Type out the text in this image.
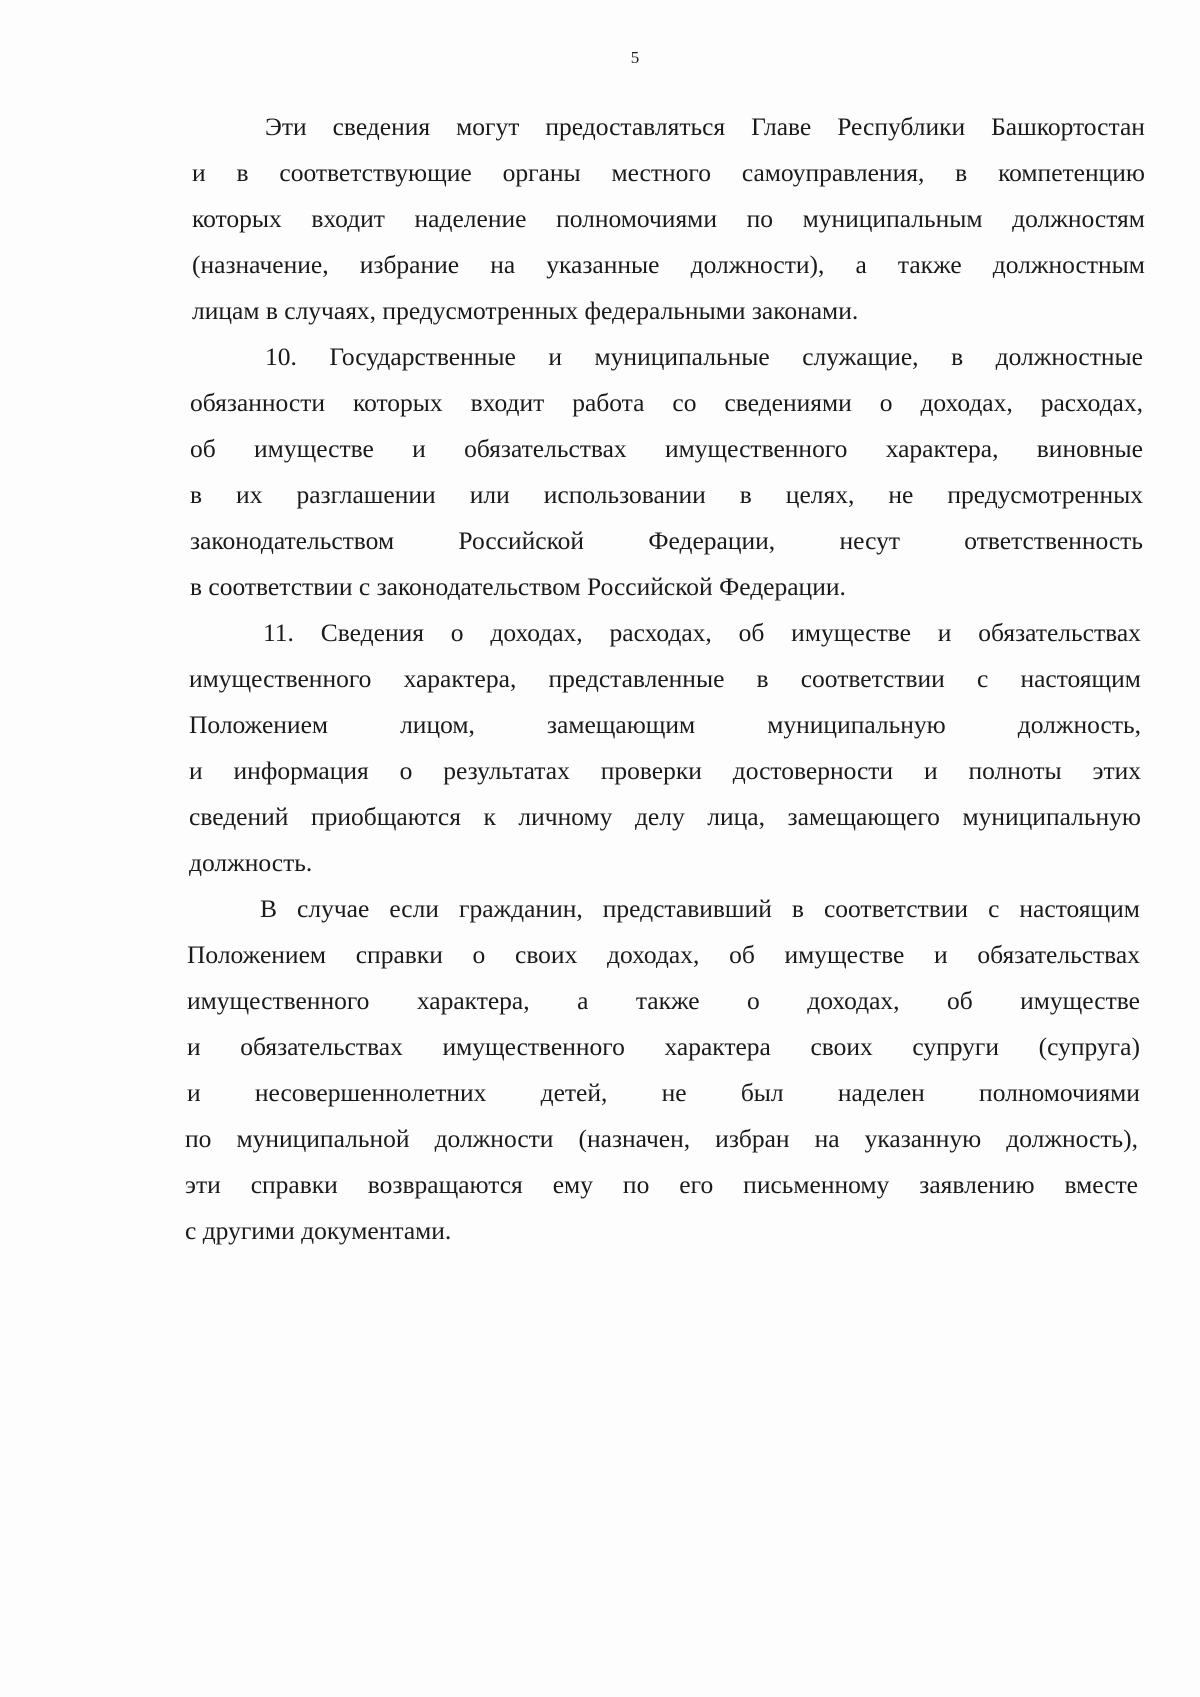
5
Эти сведения могут предоставляться Главе Республики Башкортостан
и в соответствующие органы местного самоуправления, в компетенцию
которых входит наделение полномочиями по муниципальным должностям
(назначение, избрание на указанные должности), а также должностным
лицам в случаях, предусмотренных федеральными законами.
10. Государственные и муниципальные служащие, в должностные
обязанности которых входит работа со сведениями о доходах, расходах,
об имуществе и обязательствах имущественного характера, виновные
в их разглашении или использовании в целях, не предусмотренных
законодательством	Российской	Федерации,	несут	ответственность
в соответствии с законодательством Российской Федерации.
11. Сведения о доходах, расходах, об имуществе и обязательствах
имущественного характера, представленные в соответствии с настоящим
Положением	лицом,	замещающим	муниципальную	должность,
и информация о результатах проверки достоверности и полноты этих
сведений приобщаются к личному делу лица, замещающего муниципальную
должность.
В случае если гражданин, представивший в соответствии с настоящим
Положением справки о своих доходах, об имуществе и обязательствах
имущественного характера, а также о доходах, об имуществе
и обязательствах имущественного характера своих супруги (супруга)
и несовершеннолетних детей, не был наделен полномочиями
по муниципальной должности (назначен, избран на указанную должность),
эти справки возвращаются ему по его письменному заявлению вместе
с другими документами.
